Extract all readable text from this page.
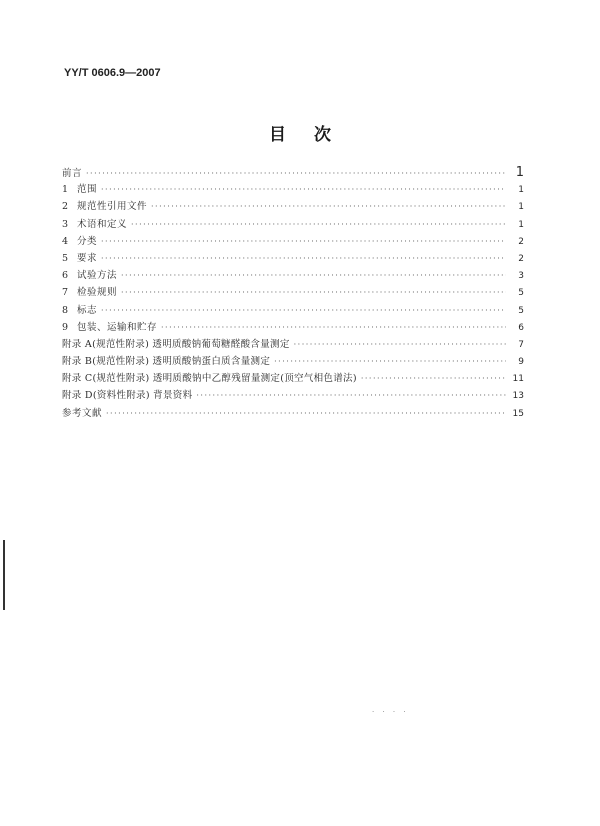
YY/T 0606.9—2007
目 次
前言 ·····	1
1 范围 ·····	1
2 规范性引用文件 ·····	1
3 术语和定义 ·····	1
4 分类 ·····	2
5 要求 ·····	2
6 试验方法 ·····	3
7 检验规则 ·····	5
8 标志 ·····	5
9 包装、运输和贮存 ·····	6
附录 A(规范性附录) 透明质酸钠葡萄糖醛酸含量测定 ·····	7
附录 B(规范性附录) 透明质酸钠蛋白质含量测定 ·····	9
附录 C(规范性附录) 透明质酸钠中乙醇残留量测定(顶空气相色谱法) ·····	11
附录 D(资料性附录) 背景资料 ·····	13
参考文献 ·····	15
· · · ·
